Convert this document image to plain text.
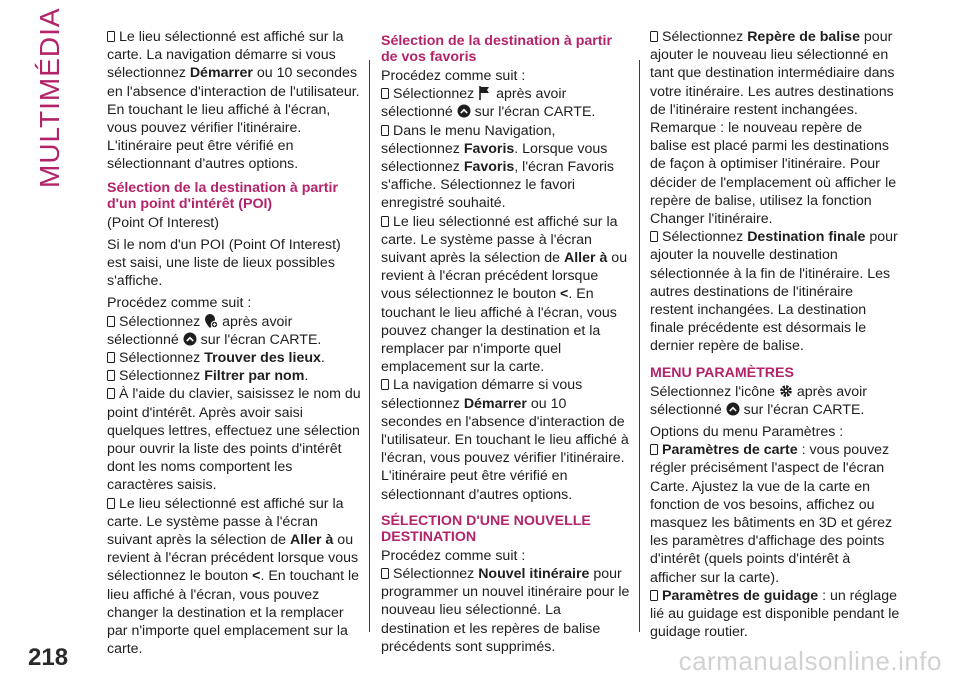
MULTIMÉDIA	Le lieu sélectionné est affiché sur la carte. La navigation démarre si vous sélectionnez Démarrer ou 10 secondes en l'absence d'interaction de l'utilisateur. En touchant le lieu affiché à l'écran, vous pouvez vérifier l'itinéraire. L'itinéraire peut être vérifié en sélectionnant d'autres options.

Sélection de la destination à partir d'un point d'intérêt (POI)

(Point Of Interest)

Si le nom d'un POI (Point Of Interest) est saisi, une liste de lieux possibles s'affiche.

Procédez comme suit :

Sélectionnez  après avoir sélectionné  sur l'écran CARTE.
Sélectionnez Trouver des lieux.
Sélectionnez Filtrer par nom.
À l'aide du clavier, saisissez le nom du point d'intérêt. Après avoir saisi quelques lettres, effectuez une sélection pour ouvrir la liste des points d'intérêt dont les noms comportent les caractères saisis.
Le lieu sélectionné est affiché sur la carte. Le système passe à l'écran suivant après la sélection de Aller à ou revient à l'écran précédent lorsque vous sélectionnez le bouton <. En touchant le lieu affiché à l'écran, vous pouvez changer la destination et la remplacer par n'importe quel emplacement sur la carte.
Sélection de la destination à partir de vos favoris

Procédez comme suit :

Sélectionnez  après avoir sélectionné  sur l'écran CARTE.
Dans le menu Navigation, sélectionnez Favoris. Lorsque vous sélectionnez Favoris, l'écran Favoris s'affiche. Sélectionnez le favori enregistré souhaité.
Le lieu sélectionné est affiché sur la carte. Le système passe à l'écran suivant après la sélection de Aller à ou revient à l'écran précédent lorsque vous sélectionnez le bouton <. En touchant le lieu affiché à l'écran, vous pouvez changer la destination et la remplacer par n'importe quel emplacement sur la carte.
La navigation démarre si vous sélectionnez Démarrer ou 10 secondes en l'absence d'interaction de l'utilisateur. En touchant le lieu affiché à l'écran, vous pouvez vérifier l'itinéraire. L'itinéraire peut être vérifié en sélectionnant d'autres options.
SÉLECTION D'UNE NOUVELLE DESTINATION

Procédez comme suit :

Sélectionnez Nouvel itinéraire pour programmer un nouvel itinéraire pour le nouveau lieu sélectionné. La destination et les repères de balise précédents sont supprimés.
Sélectionnez Repère de balise pour ajouter le nouveau lieu sélectionné en tant que destination intermédiaire dans votre itinéraire. Les autres destinations de l'itinéraire restent inchangées. Remarque : le nouveau repère de balise est placé parmi les destinations de façon à optimiser l'itinéraire. Pour décider de l'emplacement où afficher le repère de balise, utilisez la fonction Changer l'itinéraire.
Sélectionnez Destination finale pour ajouter la nouvelle destination sélectionnée à la fin de l'itinéraire. Les autres destinations de l'itinéraire restent inchangées. La destination finale précédente est désormais le dernier repère de balise.
MENU PARAMÈTRES

Sélectionnez l'icône  après avoir sélectionné  sur l'écran CARTE.

Options du menu Paramètres :

Paramètres de carte : vous pouvez régler précisément l'aspect de l'écran Carte. Ajustez la vue de la carte en fonction de vos besoins, affichez ou masquez les bâtiments en 3D et gérez les paramètres d'affichage des points d'intérêt (quels points d'intérêt à afficher sur la carte).
Paramètres de guidage : un réglage lié au guidage est disponible pendant le guidage routier.
218	carmanualsonline.info
